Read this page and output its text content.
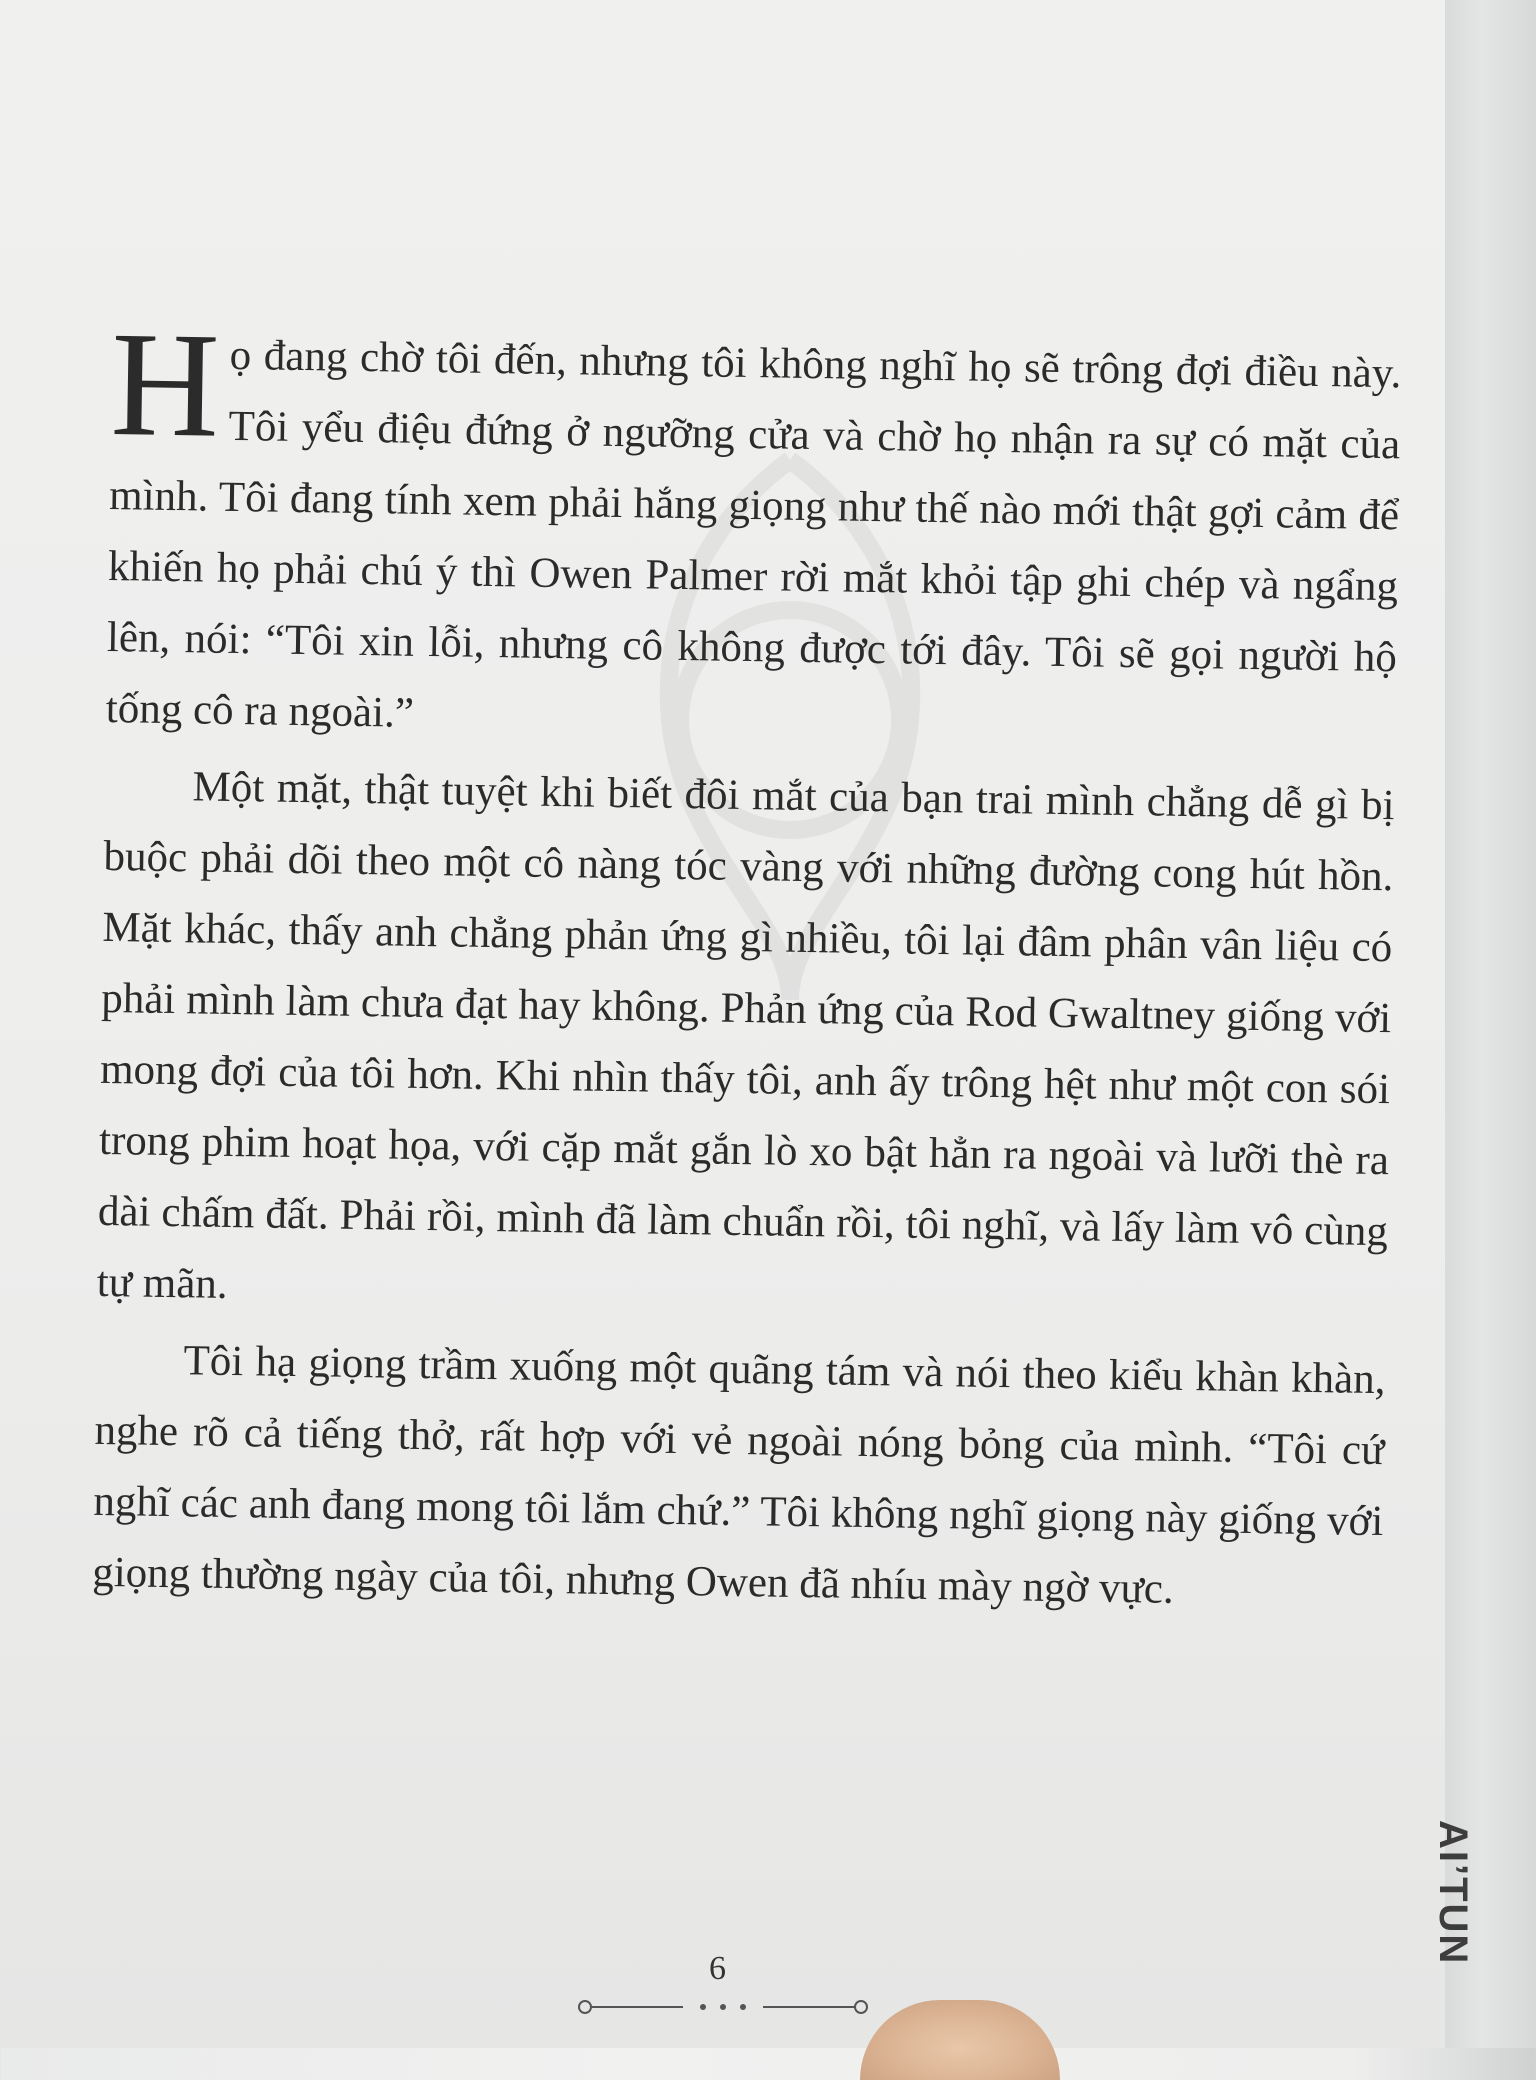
H ọ đang chờ tôi đến, nhưng tôi không nghĩ họ sẽ trông đợi điều này. Tôi yểu điệu đứng ở ngưỡng cửa và chờ họ nhận ra sự có mặt của mình. Tôi đang tính xem phải hắng giọng như thế nào mới thật gợi cảm để khiến họ phải chú ý thì Owen Palmer rời mắt khỏi tập ghi chép và ngẩng lên, nói: “Tôi xin lỗi, nhưng cô không được tới đây. Tôi sẽ gọi người hộ tống cô ra ngoài.”

Một mặt, thật tuyệt khi biết đôi mắt của bạn trai mình chẳng dễ gì bị buộc phải dõi theo một cô nàng tóc vàng với những đường cong hút hồn. Mặt khác, thấy anh chẳng phản ứng gì nhiều, tôi lại đâm phân vân liệu có phải mình làm chưa đạt hay không. Phản ứng của Rod Gwaltney giống với mong đợi của tôi hơn. Khi nhìn thấy tôi, anh ấy trông hệt như một con sói trong phim hoạt họa, với cặp mắt gắn lò xo bật hẳn ra ngoài và lưỡi thè ra dài chấm đất. Phải rồi, mình đã làm chuẩn rồi, tôi nghĩ, và lấy làm vô cùng tự mãn.

Tôi hạ giọng trầm xuống một quãng tám và nói theo kiểu khàn khàn, nghe rõ cả tiếng thở, rất hợp với vẻ ngoài nóng bỏng của mình. “Tôi cứ nghĩ các anh đang mong tôi lắm chứ.” Tôi không nghĩ giọng này giống với giọng thường ngày của tôi, nhưng Owen đã nhíu mày ngờ vực.

6
AI’TUN
